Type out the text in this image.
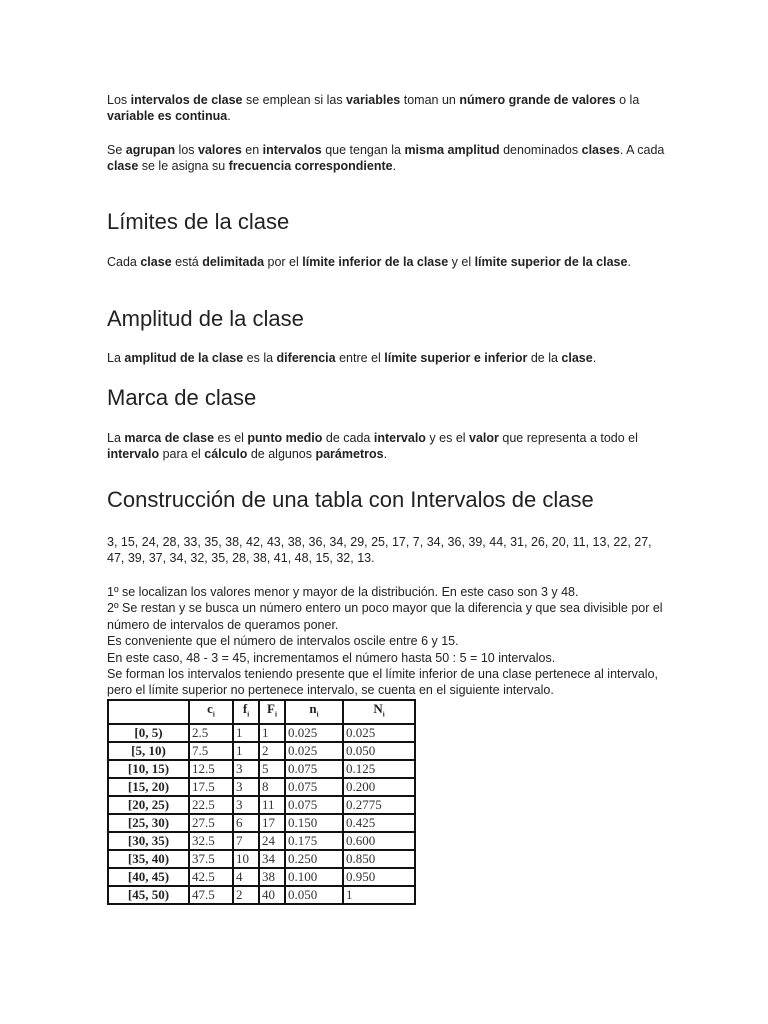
Los intervalos de clase se emplean si las variables toman un número grande de valores o la variable es continua.

Se agrupan los valores en intervalos que tengan la misma amplitud denominados clases. A cada clase se le asigna su frecuencia correspondiente.

Límites de la clase

Cada clase está delimitada por el límite inferior de la clase y el límite superior de la clase.

Amplitud de la clase

La amplitud de la clase es la diferencia entre el límite superior e inferior de la clase.

Marca de clase

La marca de clase es el punto medio de cada intervalo y es el valor que representa a todo el intervalo para el cálculo de algunos parámetros.

Construcción de una tabla con Intervalos de clase

3, 15, 24, 28, 33, 35, 38, 42, 43, 38, 36, 34, 29, 25, 17, 7, 34, 36, 39, 44, 31, 26, 20, 11, 13, 22, 27, 47, 39, 37, 34, 32, 35, 28, 38, 41, 48, 15, 32, 13.

1º se localizan los valores menor y mayor de la distribución. En este caso son 3 y 48.
2º Se restan y se busca un número entero un poco mayor que la diferencia y que sea divisible por el número de intervalos de queramos poner.
Es conveniente que el número de intervalos oscile entre 6 y 15.
En este caso, 48 - 3 = 45, incrementamos el número hasta 50 : 5 = 10 intervalos.
Se forman los intervalos teniendo presente que el límite inferior de una clase pertenece al intervalo, pero el límite superior no pertenece intervalo, se cuenta en el siguiente intervalo.
	$c_i$	$f_i$	$F_i$	$n_i$	$N_i$
[0, 5)	2.5	1	1	0.025	0.025
[5, 10)	7.5	1	2	0.025	0.050
[10, 15)	12.5	3	5	0.075	0.125
[15, 20)	17.5	3	8	0.075	0.200
[20, 25)	22.5	3	11	0.075	0.2775
[25, 30)	27.5	6	17	0.150	0.425
[30, 35)	32.5	7	24	0.175	0.600
[35, 40)	37.5	10	34	0.250	0.850
[40, 45)	42.5	4	38	0.100	0.950
[45, 50)	47.5	2	40	0.050	1
